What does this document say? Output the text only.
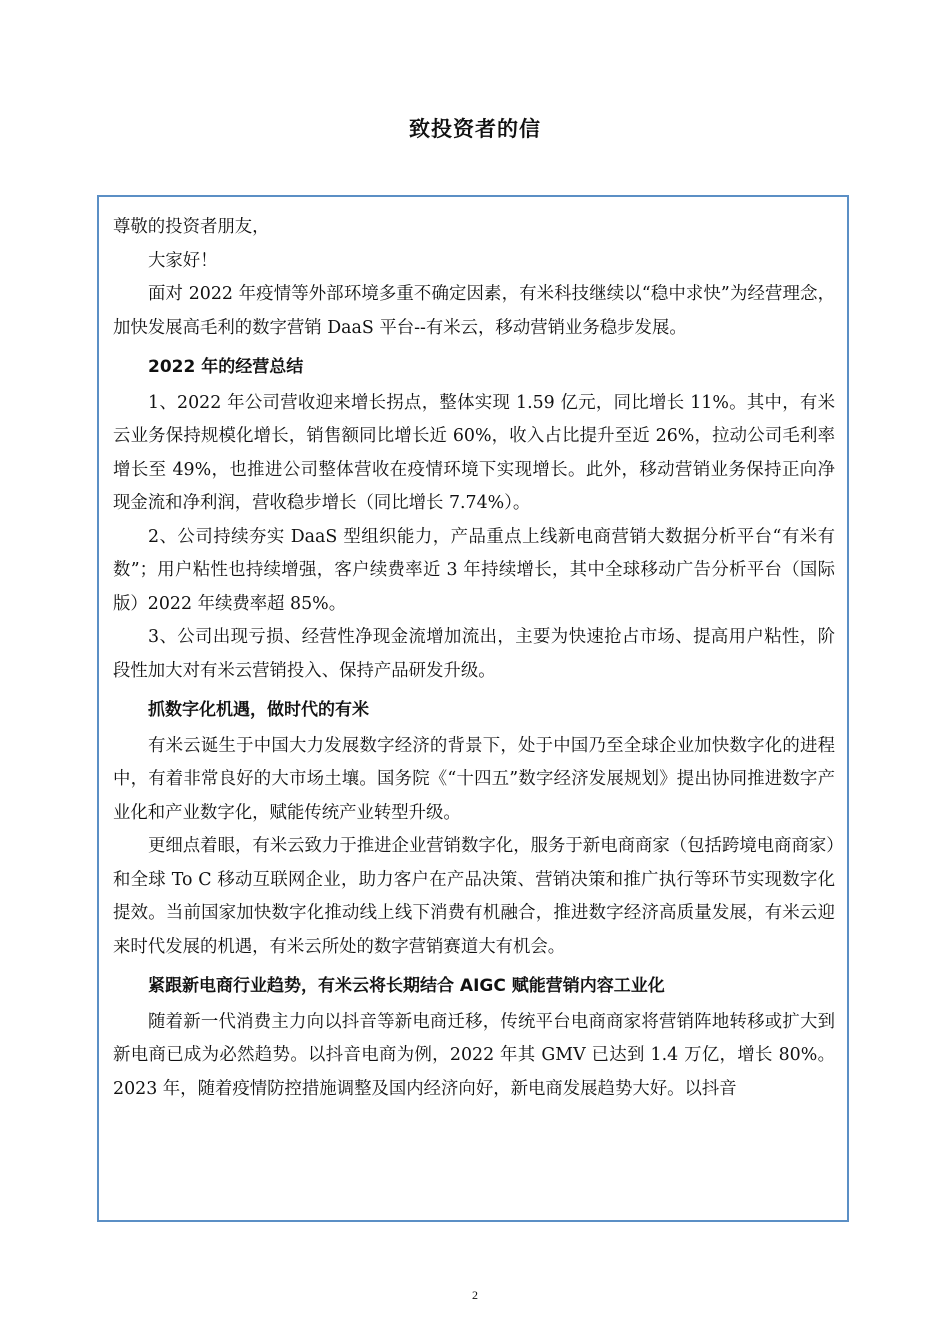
致投资者的信

尊敬的投资者朋友，

大家好！

面对 2022 年疫情等外部环境多重不确定因素，有米科技继续以“稳中求快”为经营理念，加快发展高毛利的数字营销 DaaS 平台--有米云，移动营销业务稳步发展。

2022 年的经营总结

1、2022 年公司营收迎来增长拐点，整体实现 1.59 亿元，同比增长 11%。其中，有米云业务保持规模化增长，销售额同比增长近 60%，收入占比提升至近 26%，拉动公司毛利率增长至 49%，也推进公司整体营收在疫情环境下实现增长。此外，移动营销业务保持正向净现金流和净利润，营收稳步增长（同比增长 7.74%）。

2、公司持续夯实 DaaS 型组织能力，产品重点上线新电商营销大数据分析平台“有米有数”；用户粘性也持续增强，客户续费率近 3 年持续增长，其中全球移动广告分析平台（国际版）2022 年续费率超 85%。

3、公司出现亏损、经营性净现金流增加流出，主要为快速抢占市场、提高用户粘性，阶段性加大对有米云营销投入、保持产品研发升级。

抓数字化机遇，做时代的有米

有米云诞生于中国大力发展数字经济的背景下，处于中国乃至全球企业加快数字化的进程中，有着非常良好的大市场土壤。国务院《“十四五”数字经济发展规划》提出协同推进数字产业化和产业数字化，赋能传统产业转型升级。

更细点着眼，有米云致力于推进企业营销数字化，服务于新电商商家（包括跨境电商商家）和全球 To C 移动互联网企业，助力客户在产品决策、营销决策和推广执行等环节实现数字化提效。当前国家加快数字化推动线上线下消费有机融合，推进数字经济高质量发展，有米云迎来时代发展的机遇，有米云所处的数字营销赛道大有机会。

紧跟新电商行业趋势，有米云将长期结合 AIGC 赋能营销内容工业化

随着新一代消费主力向以抖音等新电商迁移，传统平台电商商家将营销阵地转移或扩大到新电商已成为必然趋势。以抖音电商为例，2022 年其 GMV 已达到 1.4 万亿，增长 80%。2023 年，随着疫情防控措施调整及国内经济向好，新电商发展趋势大好。以抖音

2
